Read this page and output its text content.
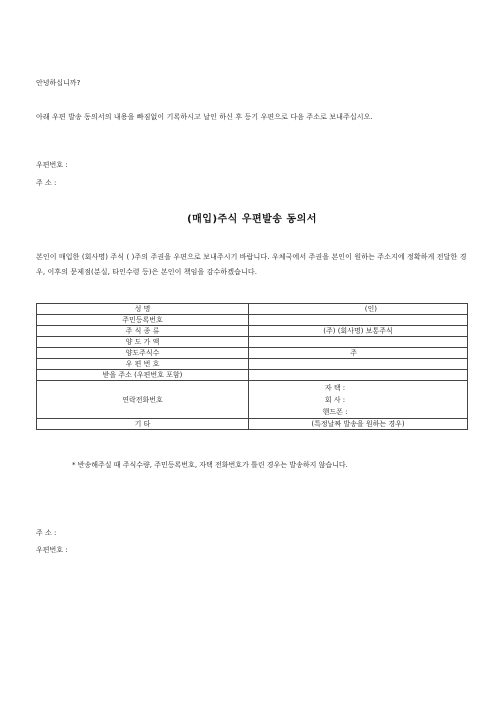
안녕하십니까?
아래 우편 발송 동의서의 내용을 빠짐없이 기록하시고 날인 하신 후 등기 우편으로 다음 주소로 보내주십시오.
우편번호 :
주 소 :
(매입)주식 우편발송 동의서
본인이 매입한 (회사명) 주식 ( )주의 주권을 우편으로 보내주시기 바랍니다. 우체국에서 주권을 본인이 원하는 주소지에 정확하게 전달한 경우, 이후의 문제점(분실, 타인수령 등)은 본인이 책임을 감수하겠습니다.
성 명	(인)
주민등록번호	
주 식 종 류	(주) (회사명) 보통주식
양 도 가 액	
양도주식수	주
우 편 번 호	
받을 주소 (우편번호 포함)	
연락전화번호	자 택 :
회 사 :
핸드폰 :

기 타	(특정날짜 발송을 원하는 경우)
* 반송해주실 때 주식수량, 주민등록번호, 자택 전화번호가 틀린 경우는 발송하지 않습니다.
주 소 :
우편번호 :
